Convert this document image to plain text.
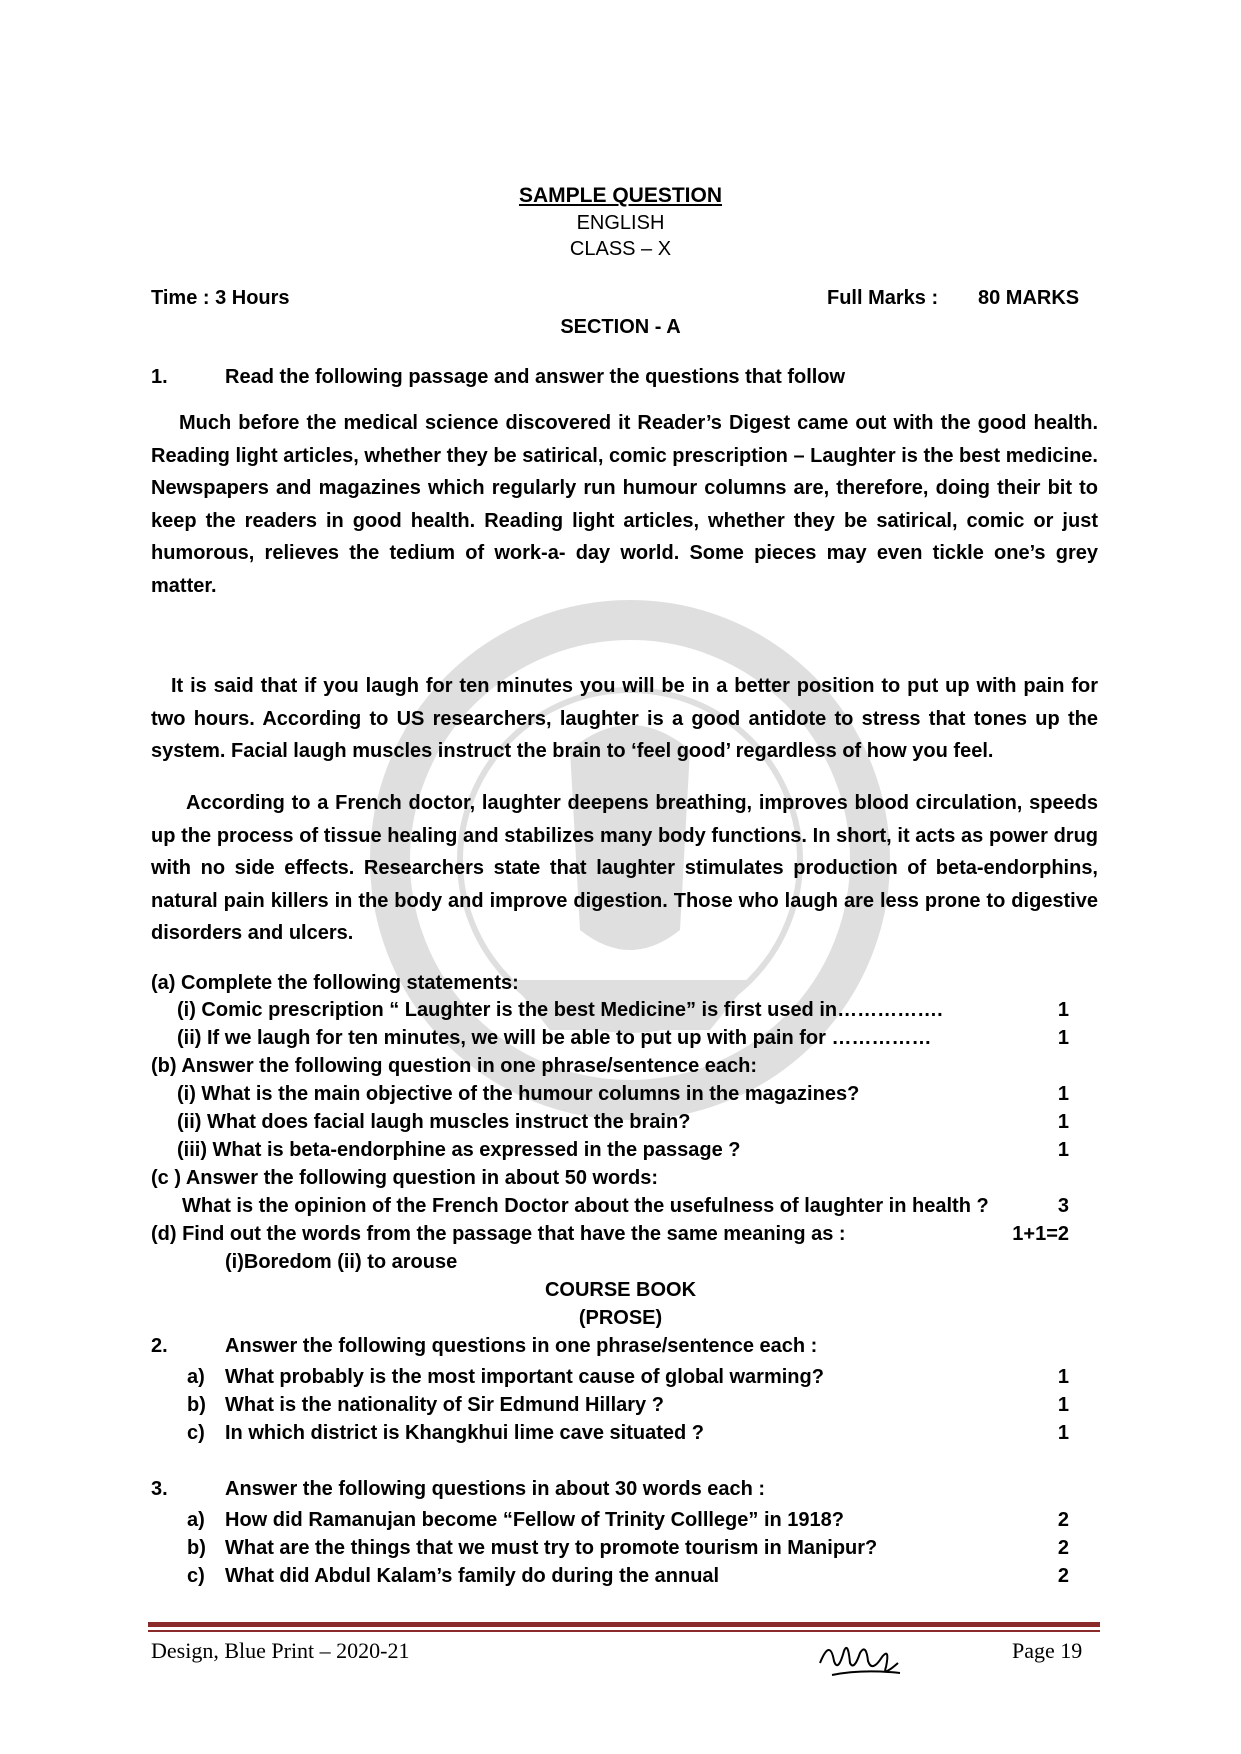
SAMPLE QUESTION
ENGLISH
CLASS – X
Time : 3 Hours	Full Marks : 80 MARKS
SECTION - A
1.	Read the following passage and answer the questions that follow
Much before the medical science discovered it Reader’s Digest came out with the good health. Reading light articles, whether they be satirical, comic prescription – Laughter is the best medicine. Newspapers and magazines which regularly run humour columns are, therefore, doing their bit to keep the readers in good health. Reading light articles, whether they be satirical, comic or just humorous, relieves the tedium of work-a- day world. Some pieces may even tickle one’s grey matter.
It is said that if you laugh for ten minutes you will be in a better position to put up with pain for two hours. According to US researchers, laughter is a good antidote to stress that tones up the system. Facial laugh muscles instruct the brain to ‘feel good’ regardless of how you feel.
According to a French doctor, laughter deepens breathing, improves blood circulation, speeds up the process of tissue healing and stabilizes many body functions. In short, it acts as power drug with no side effects. Researchers state that laughter stimulates production of beta-endorphins, natural pain killers in the body and improve digestion. Those who laugh are less prone to digestive disorders and ulcers.
(a) Complete the following statements:
(i) Comic prescription “ Laughter is the best Medicine” is first used in…………….	1
(ii) If we laugh for ten minutes, we will be able to put up with pain for ……………	1
(b) Answer the following question in one phrase/sentence each:
(i) What is the main objective of the humour columns in the magazines?	1
(ii) What does facial laugh muscles instruct the brain?	1
(iii) What is beta-endorphine as expressed in the passage ?	1
(c ) Answer the following question in about 50 words:
What is the opinion of the French Doctor about the usefulness of laughter in health ?	3
(d) Find out the words from the passage that have the same meaning as :	1+1=2
(i)Boredom (ii) to arouse
COURSE BOOK
(PROSE)
2.	Answer the following questions in one phrase/sentence each :
a) What probably is the most important cause of global warming?	1
b) What is the nationality of Sir Edmund Hillary ?	1
c) In which district is Khangkhui lime cave situated ?	1
3.	Answer the following questions in about 30 words each :
a) How did Ramanujan become “Fellow of Trinity Colllege” in 1918?	2
b) What are the things that we must try to promote tourism in Manipur?	2
c) What did Abdul Kalam’s family do during the annual	2
Design, Blue Print – 2020-21	Page 19
